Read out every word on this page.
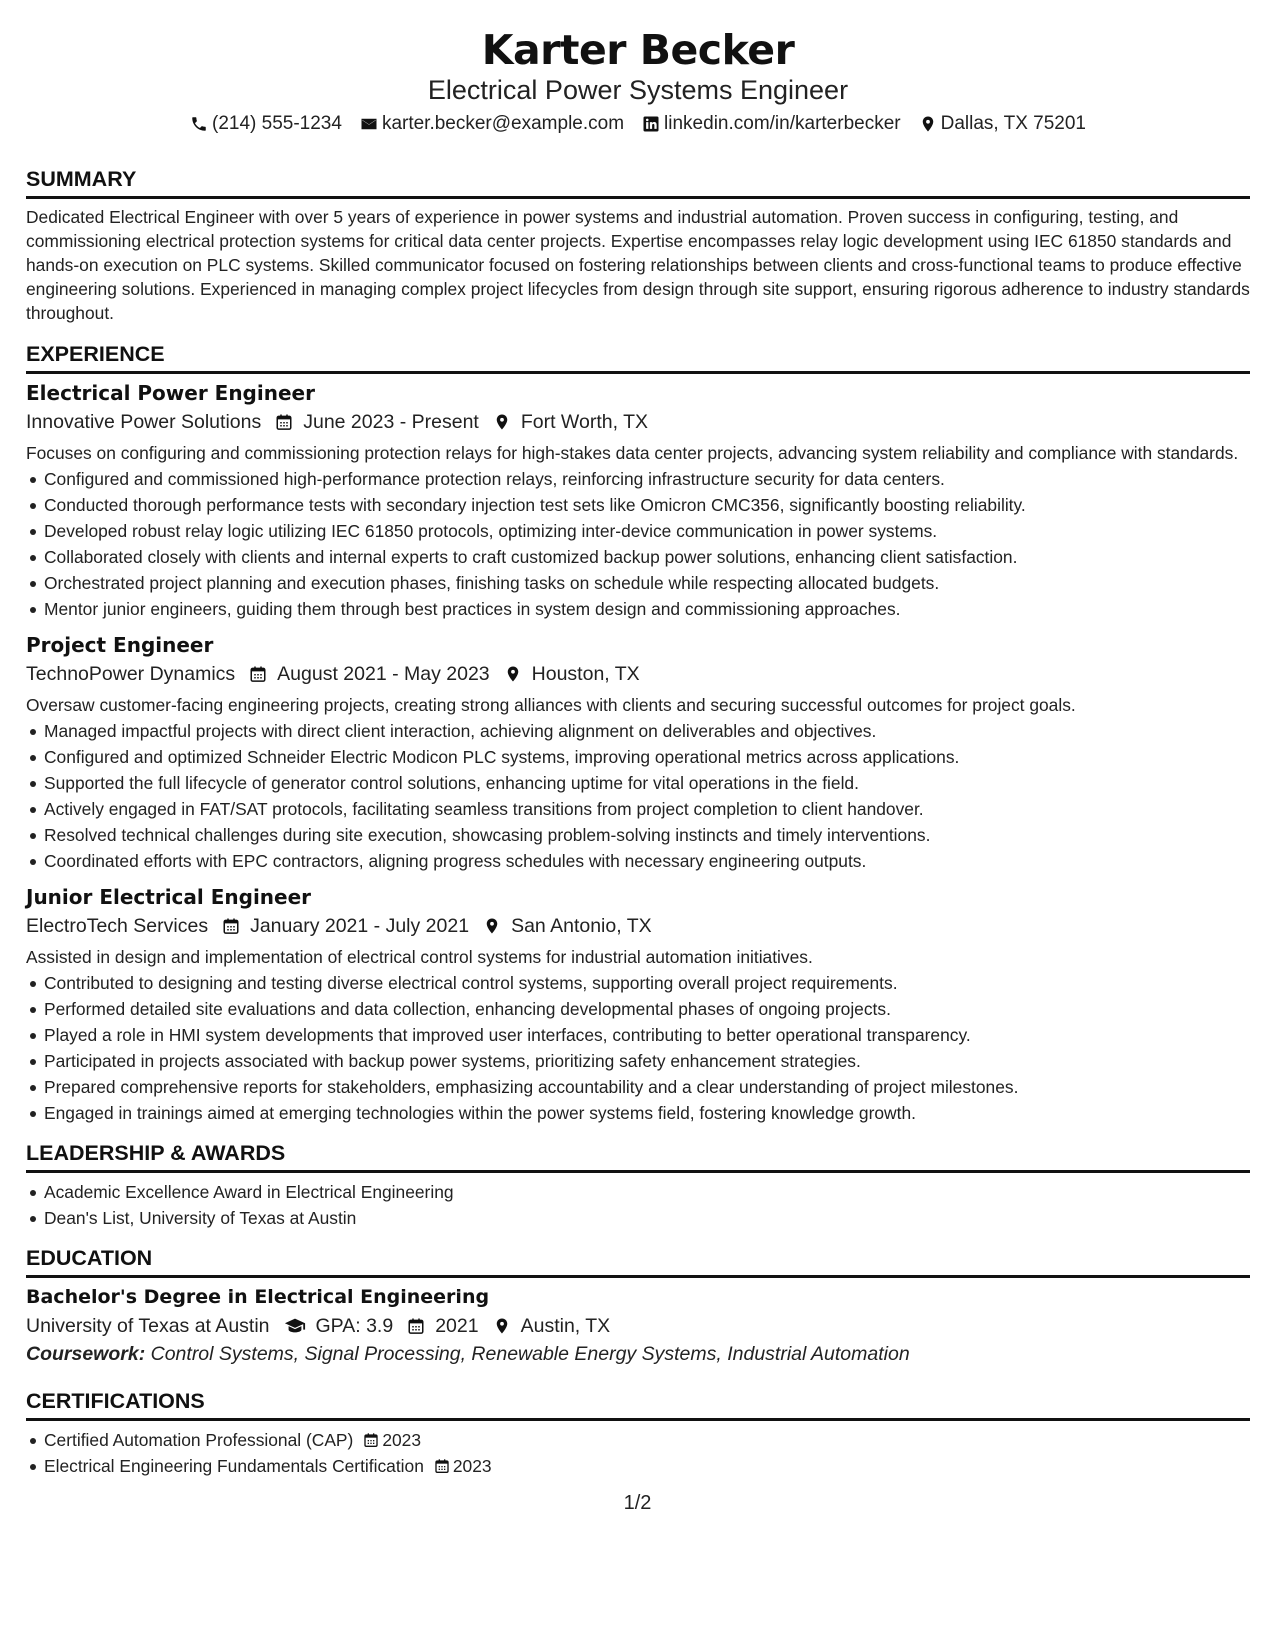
Karter Becker
Electrical Power Systems Engineer
(214) 555-1234 karter.becker@example.com linkedin.com/in/karterbecker Dallas, TX 75201
SUMMARY
Dedicated Electrical Engineer with over 5 years of experience in power systems and industrial automation. Proven success in configuring, testing, and commissioning electrical protection systems for critical data center projects. Expertise encompasses relay logic development using IEC 61850 standards and hands-on execution on PLC systems. Skilled communicator focused on fostering relationships between clients and cross-functional teams to produce effective engineering solutions. Experienced in managing complex project lifecycles from design through site support, ensuring rigorous adherence to industry standards throughout.
EXPERIENCE
Electrical Power Engineer
Innovative Power Solutions June 2023 - Present Fort Worth, TX
Focuses on configuring and commissioning protection relays for high-stakes data center projects, advancing system reliability and compliance with standards.
Configured and commissioned high-performance protection relays, reinforcing infrastructure security for data centers.
Conducted thorough performance tests with secondary injection test sets like Omicron CMC356, significantly boosting reliability.
Developed robust relay logic utilizing IEC 61850 protocols, optimizing inter-device communication in power systems.
Collaborated closely with clients and internal experts to craft customized backup power solutions, enhancing client satisfaction.
Orchestrated project planning and execution phases, finishing tasks on schedule while respecting allocated budgets.
Mentor junior engineers, guiding them through best practices in system design and commissioning approaches.
Project Engineer
TechnoPower Dynamics August 2021 - May 2023 Houston, TX
Oversaw customer-facing engineering projects, creating strong alliances with clients and securing successful outcomes for project goals.
Managed impactful projects with direct client interaction, achieving alignment on deliverables and objectives.
Configured and optimized Schneider Electric Modicon PLC systems, improving operational metrics across applications.
Supported the full lifecycle of generator control solutions, enhancing uptime for vital operations in the field.
Actively engaged in FAT/SAT protocols, facilitating seamless transitions from project completion to client handover.
Resolved technical challenges during site execution, showcasing problem-solving instincts and timely interventions.
Coordinated efforts with EPC contractors, aligning progress schedules with necessary engineering outputs.
Junior Electrical Engineer
ElectroTech Services January 2021 - July 2021 San Antonio, TX
Assisted in design and implementation of electrical control systems for industrial automation initiatives.
Contributed to designing and testing diverse electrical control systems, supporting overall project requirements.
Performed detailed site evaluations and data collection, enhancing developmental phases of ongoing projects.
Played a role in HMI system developments that improved user interfaces, contributing to better operational transparency.
Participated in projects associated with backup power systems, prioritizing safety enhancement strategies.
Prepared comprehensive reports for stakeholders, emphasizing accountability and a clear understanding of project milestones.
Engaged in trainings aimed at emerging technologies within the power systems field, fostering knowledge growth.
LEADERSHIP & AWARDS
Academic Excellence Award in Electrical Engineering
Dean's List, University of Texas at Austin
EDUCATION
Bachelor's Degree in Electrical Engineering
University of Texas at Austin GPA: 3.9 2021 Austin, TX
Coursework: Control Systems, Signal Processing, Renewable Energy Systems, Industrial Automation
CERTIFICATIONS
Certified Automation Professional (CAP) 2023
Electrical Engineering Fundamentals Certification 2023
1/2
